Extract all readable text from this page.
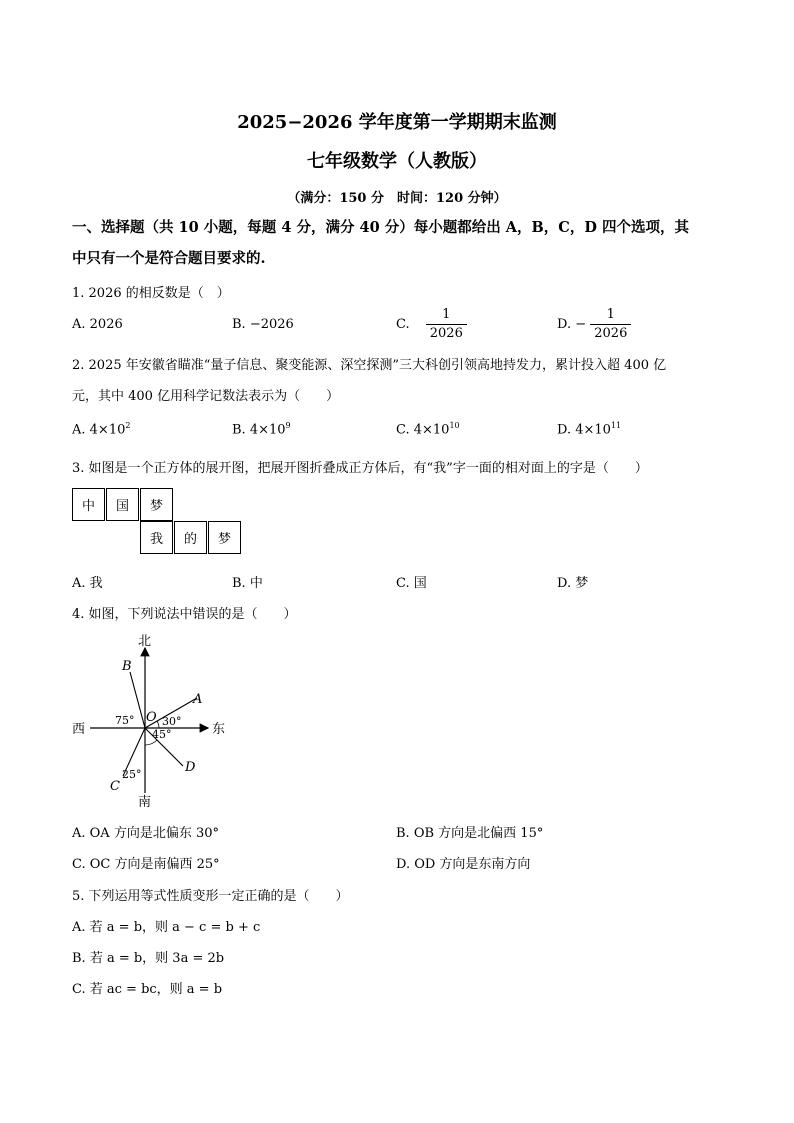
2025−2026 学年度第一学期期末监测
七年级数学（人教版）
（满分：150 分　时间：120 分钟）
一、选择题（共 10 小题，每题 4 分，满分 40 分）每小题都给出 A，B，C，D 四个选项，其
中只有一个是符合题目要求的.
1. 2026 的相反数是（　）
A. 2026	B. −2026	C. $\frac{1}{2026}$	D. − $\frac{1}{2026}$
2. 2025 年安徽省瞄准“量子信息、聚变能源、深空探测”三大科创引领高地持发力，累计投入超 400 亿
元，其中 400 亿用科学记数法表示为（　　）
A. $4\times 10^2$	B. $4\times 10^9$	C. $4\times 10^{10}$	D. $4\times 10^{11}$
3. 如图是一个正方体的展开图，把展开图折叠成正方体后，有“我”字一面的相对面上的字是（　　）
中	国	梦
我	的	梦
A. 我	B. 中	C. 国	D. 梦
4. 如图，下列说法中错误的是（　　）
北
南
西	东
O
A
B
C
D
75°	30°
45°
25°
A. OA 方向是北偏东 30°	B. OB 方向是北偏西 15°
C. OC 方向是南偏西 25°	D. OD 方向是东南方向
5. 下列运用等式性质变形一定正确的是（　　）
A. 若 a = b，则 a − c = b + c
B. 若 a = b，则 3a = 2b
C. 若 ac = bc，则 a = b
